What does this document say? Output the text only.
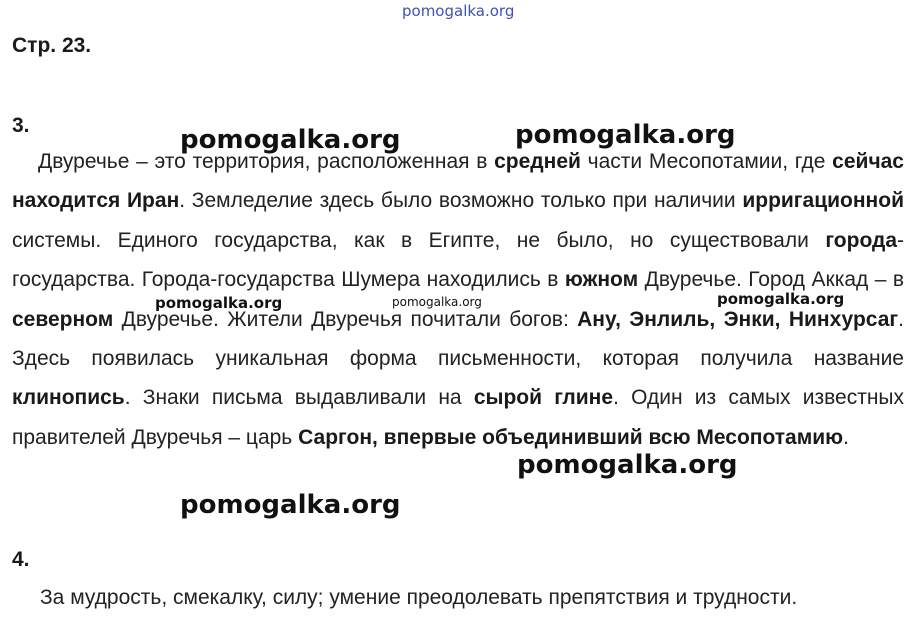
pomogalka.org
Стр. 23.
3.

Двуречье – это территория, расположенная в средней части Месопотамии, где сейчас находится Иран. Земледелие здесь было возможно только при наличии ирригационной системы. Единого государства, как в Египте, не было, но существовали города-государства. Города-государства Шумера находились в южном Двуречье. Город Аккад – в северном Двуречье. Жители Двуречья почитали богов: Ану, Энлиль, Энки, Нинхурсаг. Здесь появилась уникальная форма письменности, которая получила название клинопись. Знаки письма выдавливали на сырой глине. Один из самых известных правителей Двуречья – царь Саргон, впервые объединивший всю Месопотамию.

4.
За мудрость, смекалку, силу; умение преодолевать препятствия и трудности.
pomogalka.org	pomogalka.org
pomogalka.org	pomogalka.org	pomogalka.org
pomogalka.org
pomogalka.org
